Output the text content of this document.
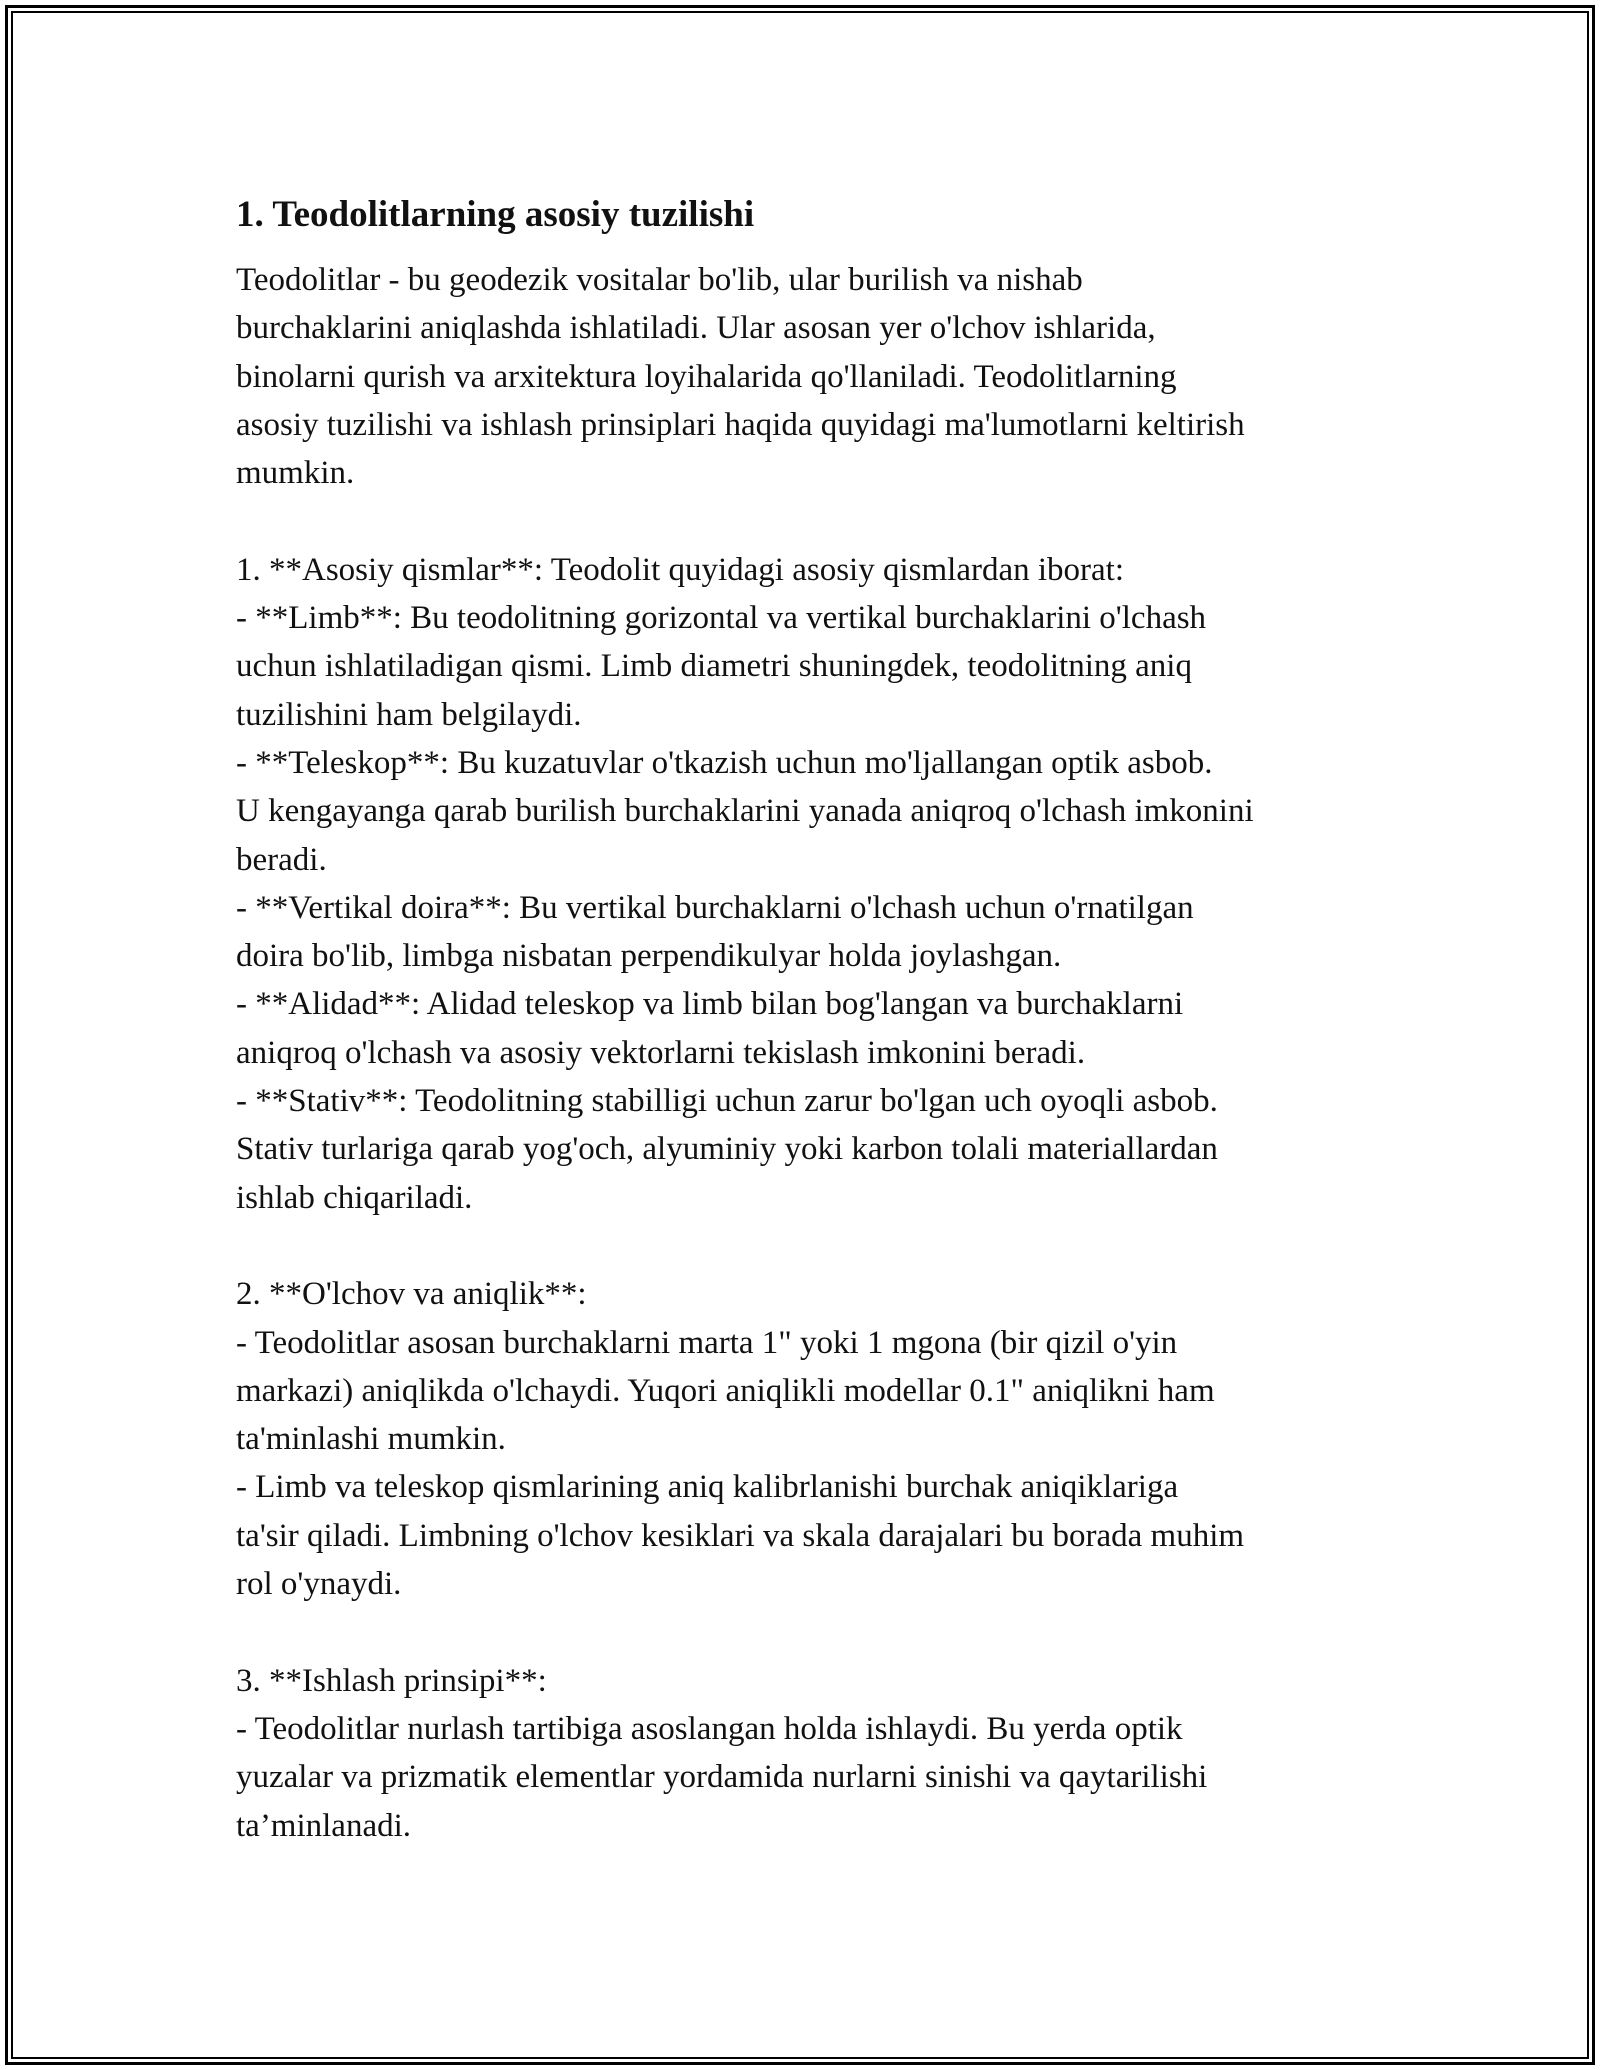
1. Teodolitlarning asosiy tuzilishi

Teodolitlar - bu geodezik vositalar bo'lib, ular burilish va nishab
burchaklarini aniqlashda ishlatiladi. Ular asosan yer o'lchov ishlarida,
binolarni qurish va arxitektura loyihalarida qo'llaniladi. Teodolitlarning
asosiy tuzilishi va ishlash prinsiplari haqida quyidagi ma'lumotlarni keltirish
mumkin.

1. **Asosiy qismlar**: Teodolit quyidagi asosiy qismlardan iborat:
- **Limb**: Bu teodolitning gorizontal va vertikal burchaklarini o'lchash
uchun ishlatiladigan qismi. Limb diametri shuningdek, teodolitning aniq
tuzilishini ham belgilaydi.
- **Teleskop**: Bu kuzatuvlar o'tkazish uchun mo'ljallangan optik asbob.
U kengayanga qarab burilish burchaklarini yanada aniqroq o'lchash imkonini
beradi.
- **Vertikal doira**: Bu vertikal burchaklarni o'lchash uchun o'rnatilgan
doira bo'lib, limbga nisbatan perpendikulyar holda joylashgan.
- **Alidad**: Alidad teleskop va limb bilan bog'langan va burchaklarni
aniqroq o'lchash va asosiy vektorlarni tekislash imkonini beradi.
- **Stativ**: Teodolitning stabilligi uchun zarur bo'lgan uch oyoqli asbob.
Stativ turlariga qarab yog'och, alyuminiy yoki karbon tolali materiallardan
ishlab chiqariladi.

2. **O'lchov va aniqlik**:
- Teodolitlar asosan burchaklarni marta 1" yoki 1 mgona (bir qizil o'yin
markazi) aniqlikda o'lchaydi. Yuqori aniqlikli modellar 0.1" aniqlikni ham
ta'minlashi mumkin.
- Limb va teleskop qismlarining aniq kalibrlanishi burchak aniqiklariga
ta'sir qiladi. Limbning o'lchov kesiklari va skala darajalari bu borada muhim
rol o'ynaydi.

3. **Ishlash prinsipi**:
- Teodolitlar nurlash tartibiga asoslangan holda ishlaydi. Bu yerda optik
yuzalar va prizmatik elementlar yordamida nurlarni sinishi va qaytarilishi
ta’minlanadi.
